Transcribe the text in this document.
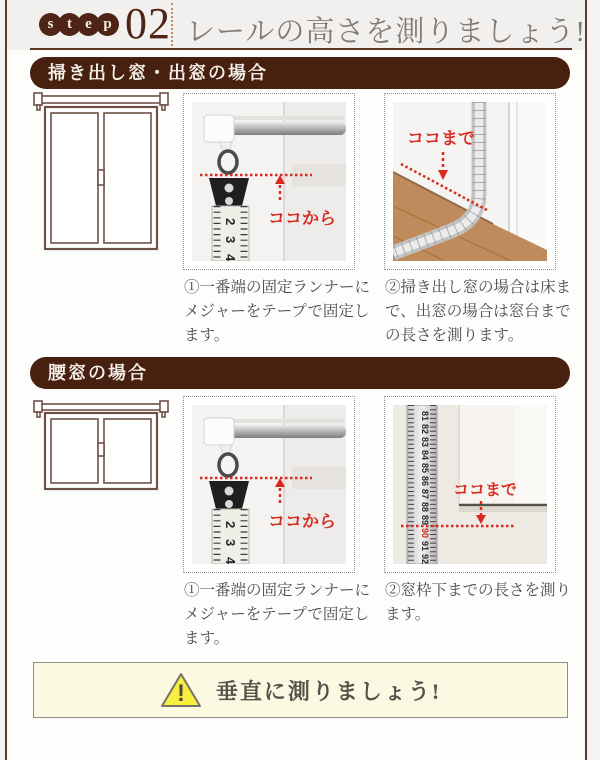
s t e p 02 レールの高さを測りましょう!
掃き出し窓・出窓の場合
2
3
4
ココから
ココまで
①一番端の固定ランナーにメジャーをテープで固定します。
②掃き出し窓の場合は床まで、出窓の場合は窓台までの長さを測ります。
腰窓の場合
2
3
4
ココから
81
82
83
84
85
86
87
88
89
90
91
92
ココまで
①一番端の固定ランナーにメジャーをテープで固定します。
②窓枠下までの長さを測ります。
! 垂直に測りましょう!
